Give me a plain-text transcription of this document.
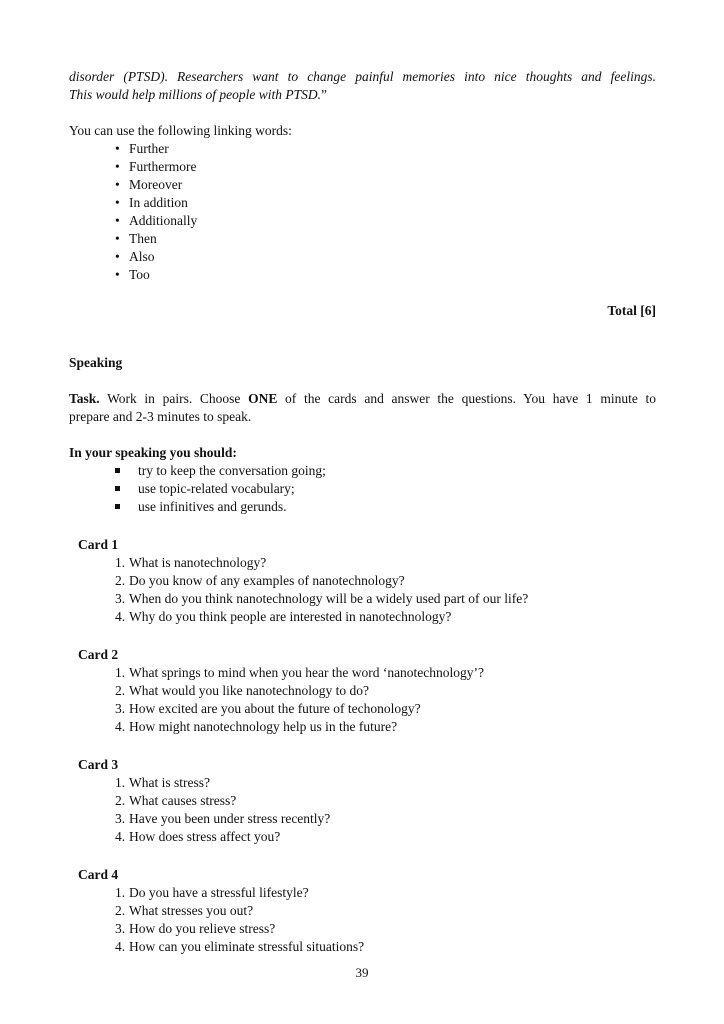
disorder (PTSD). Researchers want to change painful memories into nice thoughts and feelings.

This would help millions of people with PTSD.”

You can use the following linking words:

• Further
• Furthermore
• Moreover
• In addition
• Additionally
• Then
• Also
• Too

Total [6]

Speaking

Task. Work in pairs. Choose ONE of the cards and answer the questions. You have 1 minute to

prepare and 2-3 minutes to speak.

In your speaking you should:

try to keep the conversation going;
use topic-related vocabulary;
use infinitives and gerunds.

Card 1

1. What is nanotechnology?
2. Do you know of any examples of nanotechnology?
3. When do you think nanotechnology will be a widely used part of our life?
4. Why do you think people are interested in nanotechnology?

Card 2

1. What springs to mind when you hear the word ‘nanotechnology’?
2. What would you like nanotechnology to do?
3. How excited are you about the future of techonology?
4. How might nanotechnology help us in the future?

Card 3

1. What is stress?
2. What causes stress?
3. Have you been under stress recently?
4. How does stress affect you?

Card 4

1. Do you have a stressful lifestyle?
2. What stresses you out?
3. How do you relieve stress?
4. How can you eliminate stressful situations?
39
